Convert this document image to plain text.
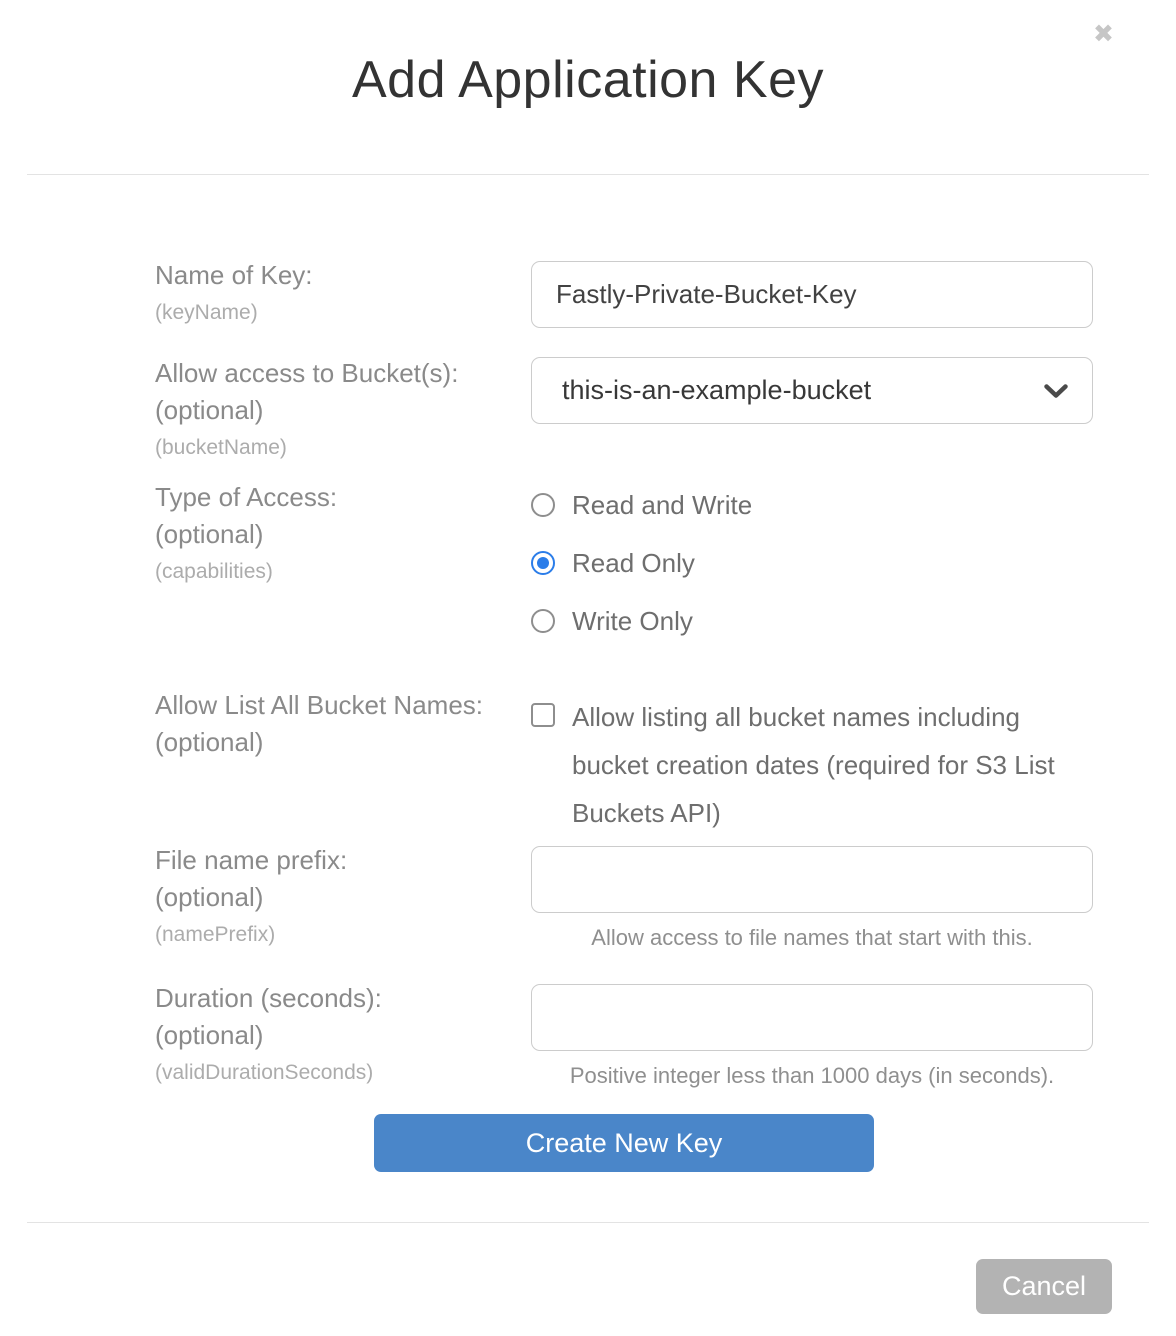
✖
Add Application Key
Name of Key:
(keyName)
Fastly-Private-Bucket-Key
Allow access to Bucket(s):
(optional)
(bucketName)
this-is-an-example-bucket
Type of Access:
(optional)
(capabilities)
Read and Write
Read Only
Write Only
Allow List All Bucket Names:
(optional)
Allow listing all bucket names including bucket creation dates (required for S3 List Buckets API)
File name prefix:
(optional)
(namePrefix)	Allow access to file names that start with this.
Duration (seconds):
(optional)
(validDurationSeconds)	Positive integer less than 1000 days (in seconds).
Create New Key
Cancel
